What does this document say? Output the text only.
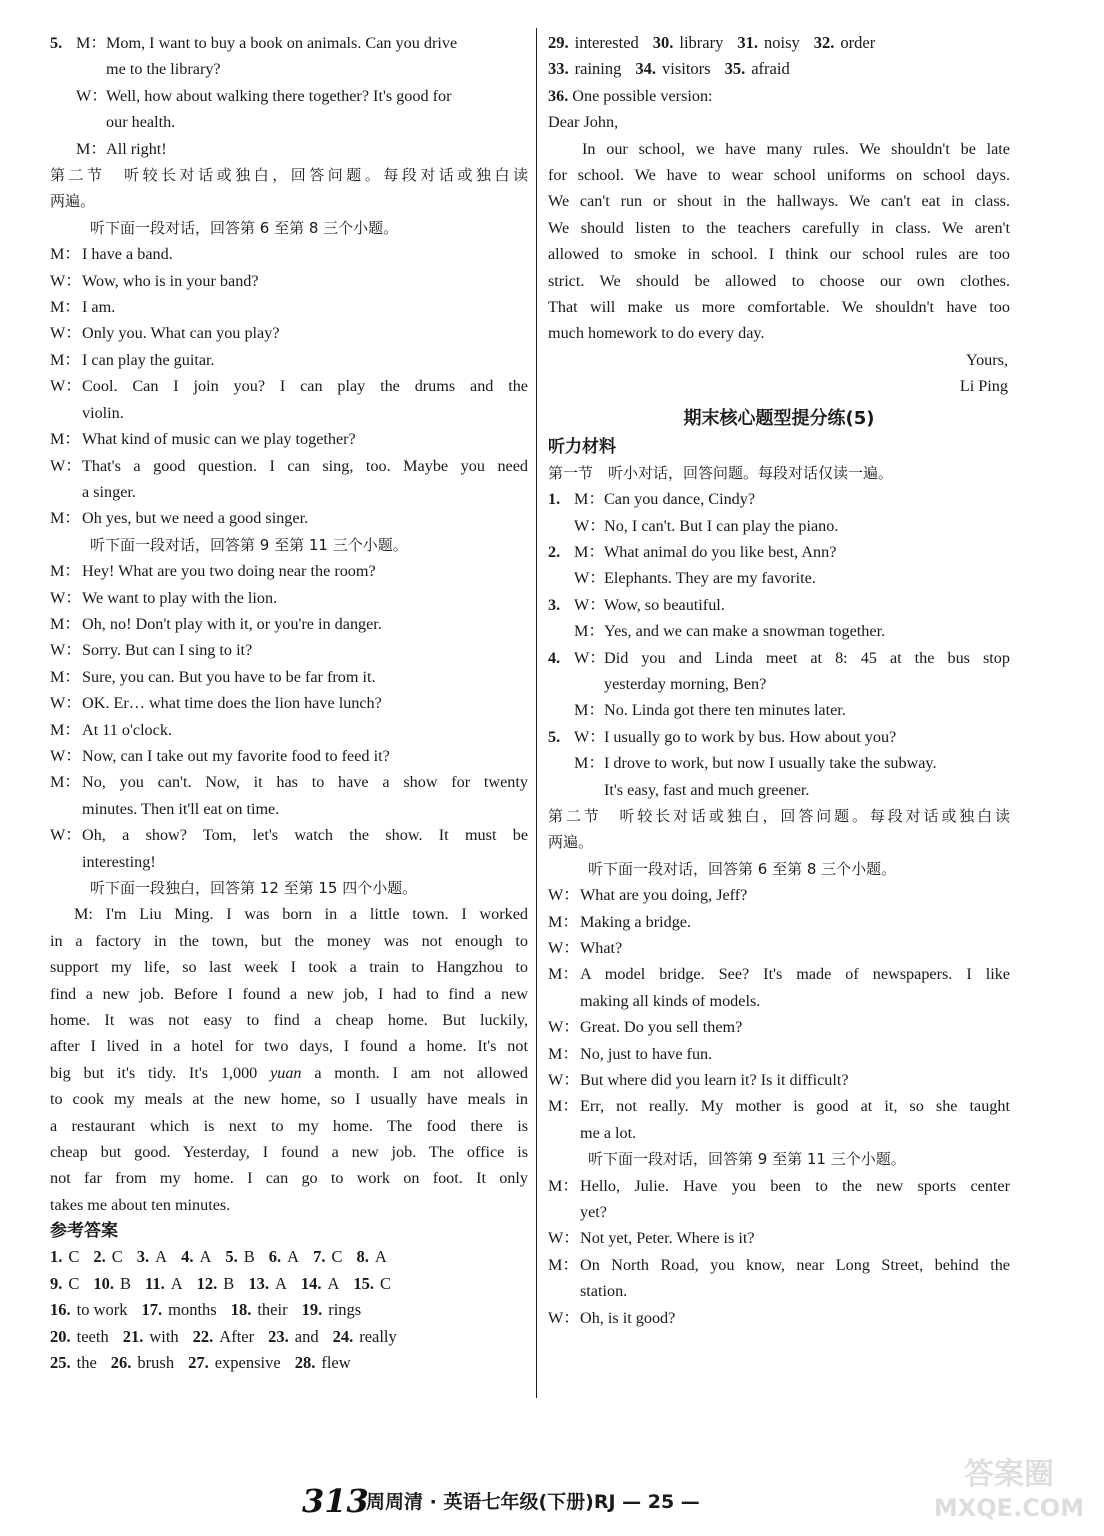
5. M： Mom, I want to buy a book on animals. Can you drive
me to the library?
W：
Well, how about walking there together? It's good for
our health.
M： All right!
第二节　听较长对话或独白，回答问题。每段对话或独白读
两遍。
听下面一段对话，回答第 6 至第 8 三个小题。
M： I have a band.
W： Wow, who is in your band?
M： I am.
W： Only you. What can you play?
M： I can play the guitar.
W： Cool. Can I join you? I can play the drums and the
violin.
M： What kind of music can we play together?
W： That's a good question. I can sing, too. Maybe you need
a singer.
M： Oh yes, but we need a good singer.
听下面一段对话，回答第 9 至第 11 三个小题。
M： Hey! What are you two doing near the room?
W： We want to play with the lion.
M： Oh, no! Don't play with it, or you're in danger.
W： Sorry. But can I sing to it?
M： Sure, you can. But you have to be far from it.
W： OK. Er… what time does the lion have lunch?
M： At 11 o'clock.
W： Now, can I take out my favorite food to feed it?
M： No, you can't. Now, it has to have a show for twenty
minutes. Then it'll eat on time.
W： Oh, a show? Tom, let's watch the show. It must be
interesting!
听下面一段独白，回答第 12 至第 15 四个小题。
M: I'm Liu Ming. I was born in a little town. I worked
in a factory in the town, but the money was not enough to
support my life, so last week I took a train to Hangzhou to
find a new job. Before I found a new job, I had to find a new
home. It was not easy to find a cheap home. But luckily,
after I lived in a hotel for two days, I found a home. It's not
big but it's tidy. It's 1,000 yuan a month. I am not allowed
to cook my meals at the new home, so I usually have meals in
a restaurant which is next to my home. The food there is
cheap but good. Yesterday, I found a new job. The office is
not far from my home. I can go to work on foot. It only
takes me about ten minutes.
参考答案
1. C 2. C 3. A 4. A 5. B 6. A 7. C 8. A
9. C 10. B 11. A 12. B 13. A 14. A 15. C
16. to work 17. months 18. their 19. rings
20. teeth 21. with 22. After 23. and 24. really
25. the 26. brush 27. expensive 28. flew
29. interested 30. library 31. noisy 32. order
33. raining 34. visitors 35. afraid
36. One possible version:
Dear John,
In our school, we have many rules. We shouldn't be late
for school. We have to wear school uniforms on school days.
We can't run or shout in the hallways. We can't eat in class.
We should listen to the teachers carefully in class. We aren't
allowed to smoke in school. I think our school rules are too
strict. We should be allowed to choose our own clothes.
That will make us more comfortable. We shouldn't have too
much homework to do every day.
Yours,
Li Ping
期末核心题型提分练(5)
听力材料
第一节　听小对话，回答问题。每段对话仅读一遍。
1. M： Can you dance, Cindy?
W：
No, I can't. But I can play the piano.
2. M： What animal do you like best, Ann?
W：
Elephants. They are my favorite.
3. W：
Wow, so beautiful.
M： Yes, and we can make a snowman together.
4. W：
Did you and Linda meet at 8: 45 at the bus stop
yesterday morning, Ben?
M： No. Linda got there ten minutes later.
5. W：
I usually go to work by bus. How about you?
M： I drove to work, but now I usually take the subway.
It's easy, fast and much greener.
第二节　听较长对话或独白，回答问题。每段对话或独白读
两遍。
听下面一段对话，回答第 6 至第 8 三个小题。
W： What are you doing, Jeff?
M： Making a bridge.
W： What?
M： A model bridge. See? It's made of newspapers. I like
making all kinds of models.
W： Great. Do you sell them?
M： No, just to have fun.
W： But where did you learn it? Is it difficult?
M： Err, not really. My mother is good at it, so she taught
me a lot.
听下面一段对话，回答第 9 至第 11 三个小题。
M： Hello, Julie. Have you been to the new sports center
yet?
W： Not yet, Peter. Where is it?
M： On North Road, you know, near Long Street, behind the
station.
W： Oh, is it good?
313
周周清 · 英语七年级(下册)RJ — 25 —
答案圈
MXQE.COM
